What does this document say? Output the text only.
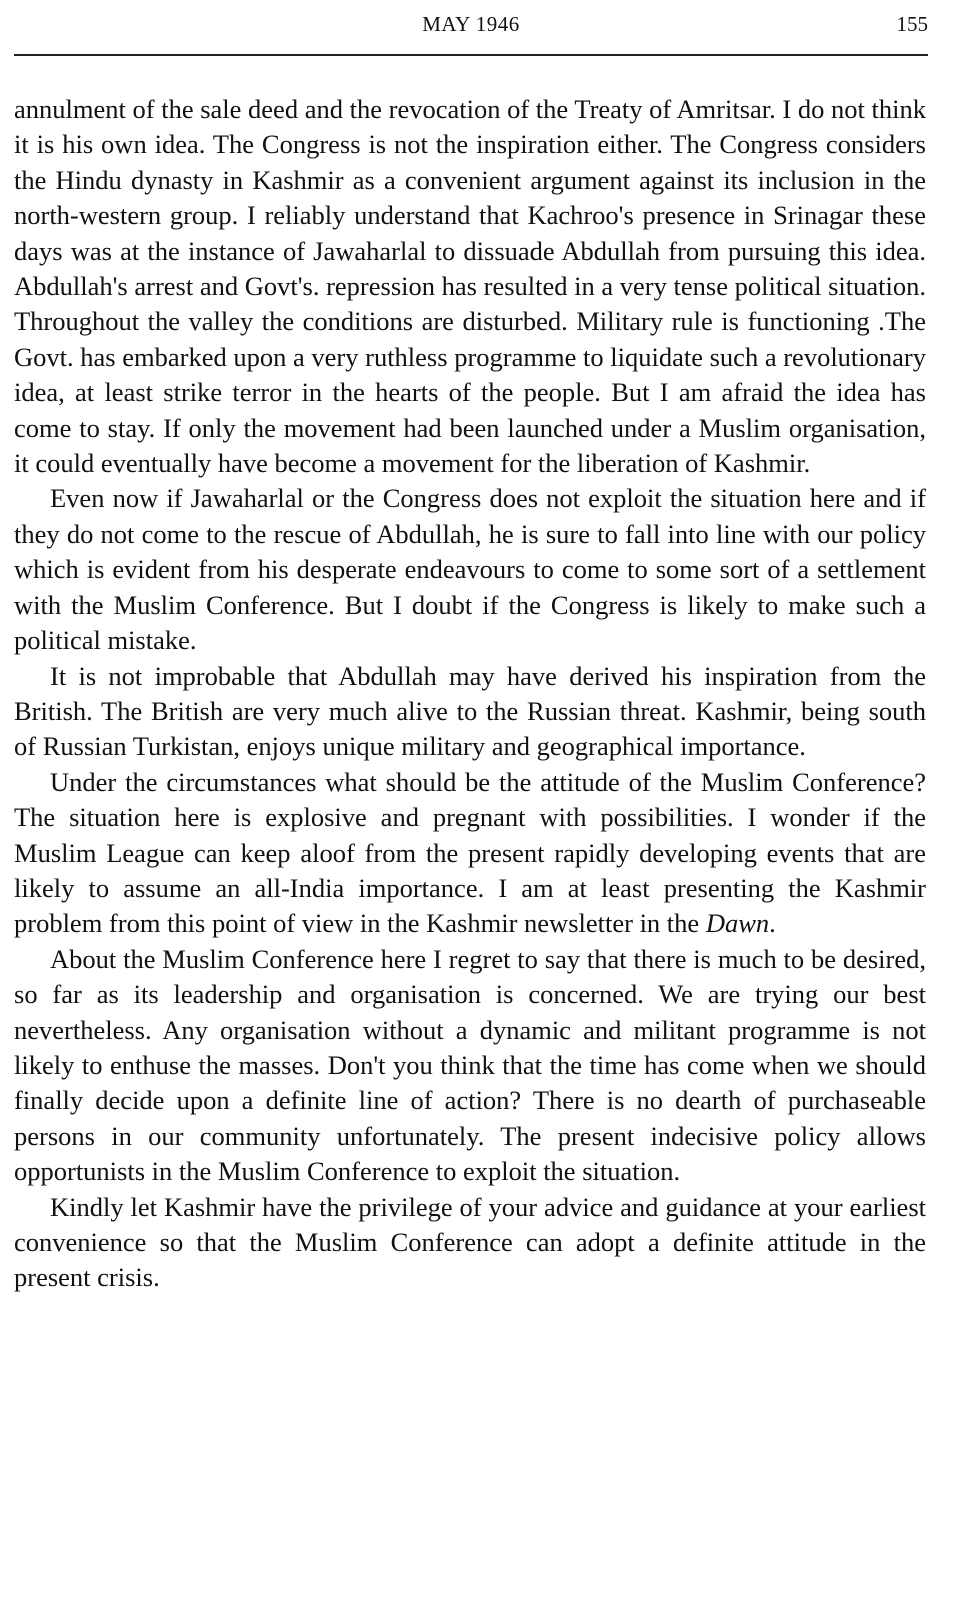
MAY 1946	155

annulment of the sale deed and the revocation of the Treaty of Amritsar. I do not think it is his own idea. The Congress is not the inspiration either. The Congress considers the Hindu dynasty in Kashmir as a convenient argument against its inclusion in the north-western group. I reliably understand that Kachroo's presence in Srinagar these days was at the instance of Jawaharlal to dissuade Abdullah from pursuing this idea. Abdullah's arrest and Govt's. repression has resulted in a very tense political situation. Throughout the valley the conditions are disturbed. Military rule is functioning .The Govt. has embarked upon a very ruthless programme to liquidate such a revolutionary idea, at least strike terror in the hearts of the people. But I am afraid the idea has come to stay. If only the movement had been launched under a Muslim organisation, it could eventually have become a movement for the liberation of Kashmir.

Even now if Jawaharlal or the Congress does not exploit the situation here and if they do not come to the rescue of Abdullah, he is sure to fall into line with our policy which is evident from his desperate endeavours to come to some sort of a settlement with the Muslim Conference. But I doubt if the Congress is likely to make such a political mistake.

It is not improbable that Abdullah may have derived his inspiration from the British. The British are very much alive to the Russian threat. Kashmir, being south of Russian Turkistan, enjoys unique military and geographical importance.

Under the circumstances what should be the attitude of the Muslim Conference? The situation here is explosive and pregnant with possibilities. I wonder if the Muslim League can keep aloof from the present rapidly developing events that are likely to assume an all-India importance. I am at least presenting the Kashmir problem from this point of view in the Kashmir newsletter in the Dawn.

About the Muslim Conference here I regret to say that there is much to be desired, so far as its leadership and organisation is concerned. We are trying our best nevertheless. Any organisation without a dynamic and militant programme is not likely to enthuse the masses. Don't you think that the time has come when we should finally decide upon a definite line of action? There is no dearth of purchaseable persons in our community unfortunately. The present indecisive policy allows opportunists in the Muslim Conference to exploit the situation.

Kindly let Kashmir have the privilege of your advice and guidance at your earliest convenience so that the Muslim Conference can adopt a definite attitude in the present crisis.
